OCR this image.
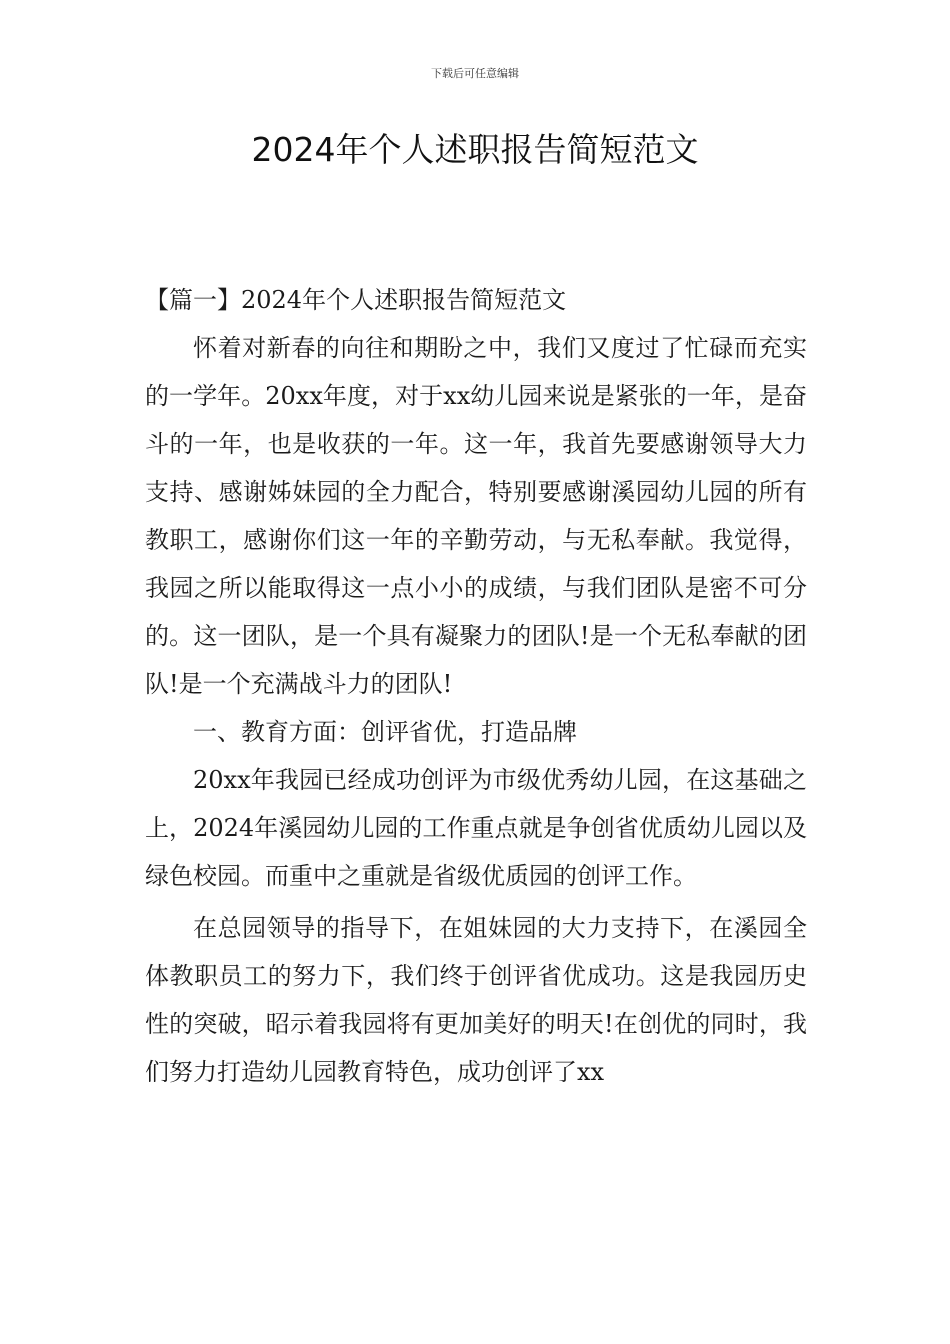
下载后可任意编辑
2024年个人述职报告简短范文

【篇一】2024年个人述职报告简短范文

怀着对新春的向往和期盼之中，我们又度过了忙碌而充实的一学年。20xx年度，对于xx幼儿园来说是紧张的一年，是奋斗的一年，也是收获的一年。这一年，我首先要感谢领导大力支持、感谢姊妹园的全力配合，特别要感谢溪园幼儿园的所有教职工，感谢你们这一年的辛勤劳动，与无私奉献。我觉得，我园之所以能取得这一点小小的成绩，与我们团队是密不可分的。这一团队，是一个具有凝聚力的团队!是一个无私奉献的团队!是一个充满战斗力的团队!

一、教育方面：创评省优，打造品牌

20xx年我园已经成功创评为市级优秀幼儿园，在这基础之上，2024年溪园幼儿园的工作重点就是争创省优质幼儿园以及绿色校园。而重中之重就是省级优质园的创评工作。

在总园领导的指导下，在姐妹园的大力支持下，在溪园全体教职员工的努力下，我们终于创评省优成功。这是我园历史性的突破，昭示着我园将有更加美好的明天!在创优的同时，我们努力打造幼儿园教育特色，成功创评了xx
